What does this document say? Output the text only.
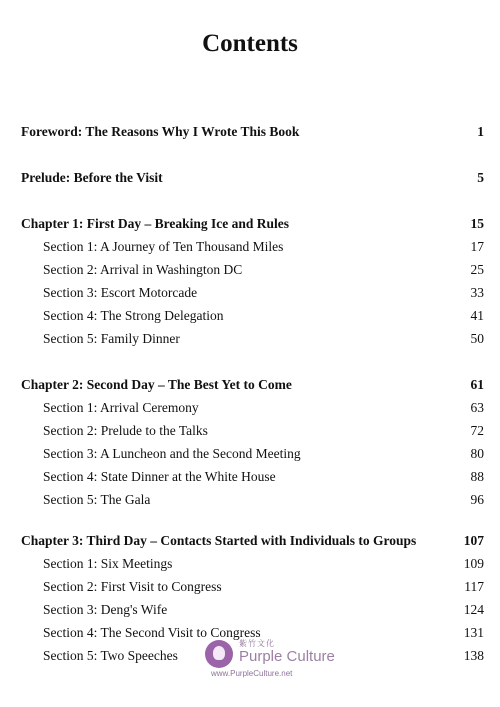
Contents
Foreword: The Reasons Why I Wrote This Book	1
Prelude: Before the Visit	5
Chapter 1: First Day – Breaking Ice and Rules	15
Section 1: A Journey of Ten Thousand Miles	17
Section 2: Arrival in Washington DC	25
Section 3: Escort Motorcade	33
Section 4: The Strong Delegation	41
Section 5: Family Dinner	50
Chapter 2: Second Day – The Best Yet to Come	61
Section 1: Arrival Ceremony	63
Section 2: Prelude to the Talks	72
Section 3: A Luncheon and the Second Meeting	80
Section 4: State Dinner at the White House	88
Section 5: The Gala	96
Chapter 3: Third Day – Contacts Started with Individuals to Groups	107
Section 1: Six Meetings	109
Section 2: First Visit to Congress	117
Section 3: Deng's Wife	124
Section 4: The Second Visit to Congress	131
Section 5: Two Speeches	138
紫竹文化
Purple Culture
www.PurpleCulture.net
